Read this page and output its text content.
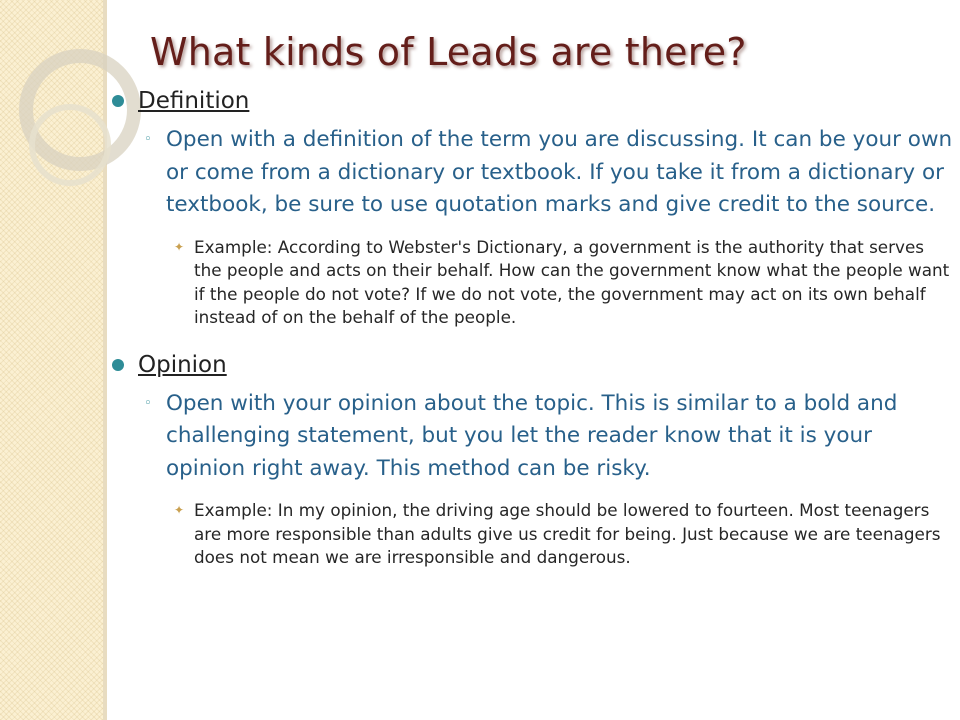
What kinds of Leads are there?
Definition
◦ Open with a definition of the term you are discussing. It can be your own or come from a dictionary or textbook. If you take it from a dictionary or textbook, be sure to use quotation marks and give credit to the source.
✦ Example: According to Webster's Dictionary, a government is the authority that serves the people and acts on their behalf. How can the government know what the people want if the people do not vote? If we do not vote, the government may act on its own behalf instead of on the behalf of the people.
Opinion
◦ Open with your opinion about the topic. This is similar to a bold and challenging statement, but you let the reader know that it is your opinion right away. This method can be risky.
✦ Example: In my opinion, the driving age should be lowered to fourteen. Most teenagers are more responsible than adults give us credit for being. Just because we are teenagers does not mean we are irresponsible and dangerous.
